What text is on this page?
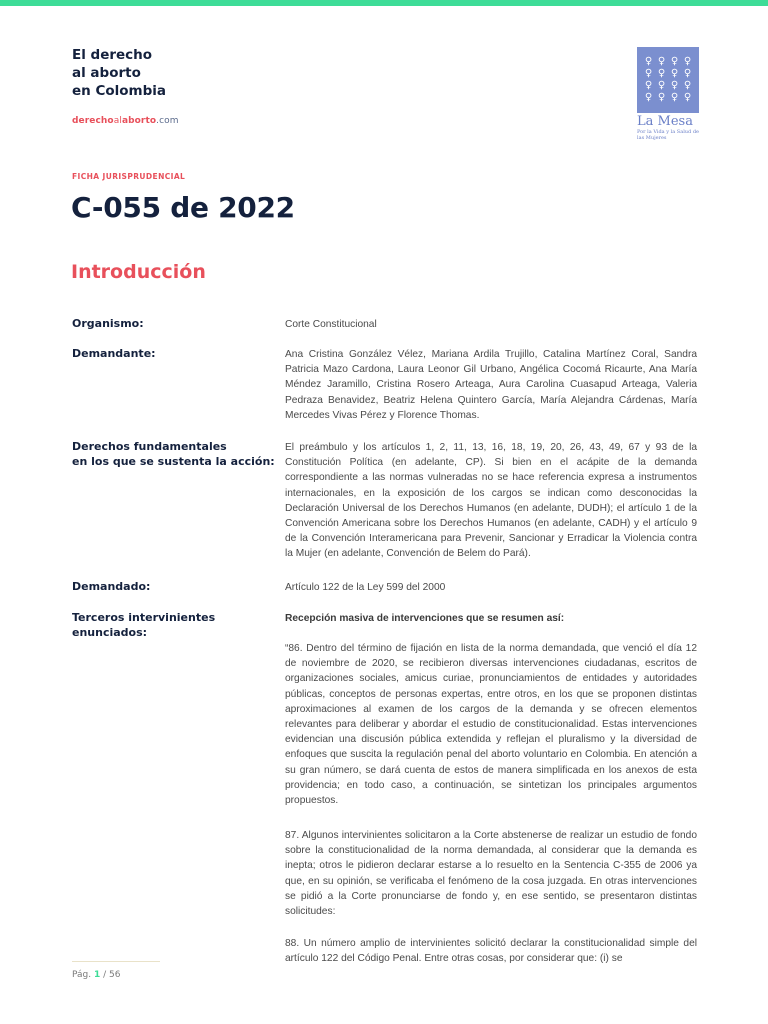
El derecho
al aborto
en Colombia
derechoalaborto.com
♀ ♀ ♀ ♀
♀ ♀ ♀ ♀
♀ ♀ ♀ ♀
♀ ♀ ♀ ♀
La Mesa
Por la Vida y la Salud de las Mujeres
FICHA JURISPRUDENCIAL
C-055 de 2022
Introducción
Organismo:	Corte Constitucional
Demandante:	Ana Cristina González Vélez, Mariana Ardila Trujillo, Catalina Martínez Coral, Sandra Patricia Mazo Cardona, Laura Leonor Gil Urbano, Angélica Cocomá Ricaurte, Ana María Méndez Jaramillo, Cristina Rosero Arteaga, Aura Carolina Cuasapud Arteaga, Valeria Pedraza Benavidez, Beatriz Helena Quintero García, María Alejandra Cárdenas, María Mercedes Vivas Pérez y Florence Thomas.
Derechos fundamentales
en los que se sustenta la acción:
El preámbulo y los artículos 1, 2, 11, 13, 16, 18, 19, 20, 26, 43, 49, 67 y 93 de la Constitución Política (en adelante, CP). Si bien en el acápite de la demanda correspondiente a las normas vulneradas no se hace referencia expresa a instrumentos internacionales, en la exposición de los cargos se indican como desconocidas la Declaración Universal de los Derechos Humanos (en adelante, DUDH); el artículo 1 de la Convención Americana sobre los Derechos Humanos (en adelante, CADH) y el artículo 9 de la Convención Interamericana para Prevenir, Sancionar y Erradicar la Violencia contra la Mujer (en adelante, Convención de Belem do Pará).
Demandado:	Artículo 122 de la Ley 599 del 2000
Terceros intervinientes
enunciados:
Recepción masiva de intervenciones que se resumen así:
“86. Dentro del término de fijación en lista de la norma demandada, que venció el día 12 de noviembre de 2020, se recibieron diversas intervenciones ciudadanas, escritos de organizaciones sociales, amicus curiae, pronunciamientos de entidades y autoridades públicas, conceptos de personas expertas, entre otros, en los que se proponen distintas aproximaciones al examen de los cargos de la demanda y se ofrecen elementos relevantes para deliberar y abordar el estudio de constitucionalidad. Estas intervenciones evidencian una discusión pública extendida y reflejan el pluralismo y la diversidad de enfoques que suscita la regulación penal del aborto voluntario en Colombia. En atención a su gran número, se dará cuenta de estos de manera simplificada en los anexos de esta providencia; en todo caso, a continuación, se sintetizan los principales argumentos propuestos.
87. Algunos intervinientes solicitaron a la Corte abstenerse de realizar un estudio de fondo sobre la constitucionalidad de la norma demandada, al considerar que la demanda es inepta; otros le pidieron declarar estarse a lo resuelto en la Sentencia C-355 de 2006 ya que, en su opinión, se verificaba el fenómeno de la cosa juzgada. En otras intervenciones se pidió a la Corte pronunciarse de fondo y, en ese sentido, se presentaron distintas solicitudes:
88. Un número amplio de intervinientes solicitó declarar la constitucionalidad simple del artículo 122 del Código Penal. Entre otras cosas, por considerar que: (i) se
Pág. 1 / 56
